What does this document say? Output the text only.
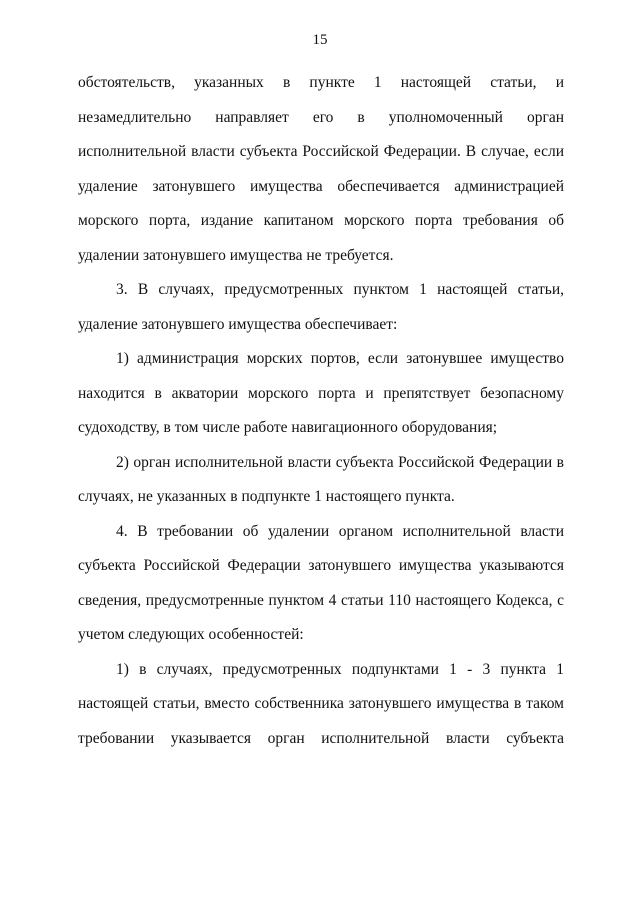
15

обстоятельств, указанных в пункте 1 настоящей статьи, и незамедлительно направляет его в уполномоченный орган исполнительной власти субъекта Российской Федерации. В случае, если удаление затонувшего имущества обеспечивается администрацией морского порта, издание капитаном морского порта требования об удалении затонувшего имущества не требуется.

3. В случаях, предусмотренных пунктом 1 настоящей статьи, удаление затонувшего имущества обеспечивает:

1) администрация морских портов, если затонувшее имущество находится в акватории морского порта и препятствует безопасному судоходству, в том числе работе навигационного оборудования;

2) орган исполнительной власти субъекта Российской Федерации в случаях, не указанных в подпункте 1 настоящего пункта.

4. В требовании об удалении органом исполнительной власти субъекта Российской Федерации затонувшего имущества указываются сведения, предусмотренные пунктом 4 статьи 110 настоящего Кодекса, с учетом следующих особенностей:

1) в случаях, предусмотренных подпунктами 1 - 3 пункта 1 настоящей статьи, вместо собственника затонувшего имущества в таком требовании указывается орган исполнительной власти субъекта
